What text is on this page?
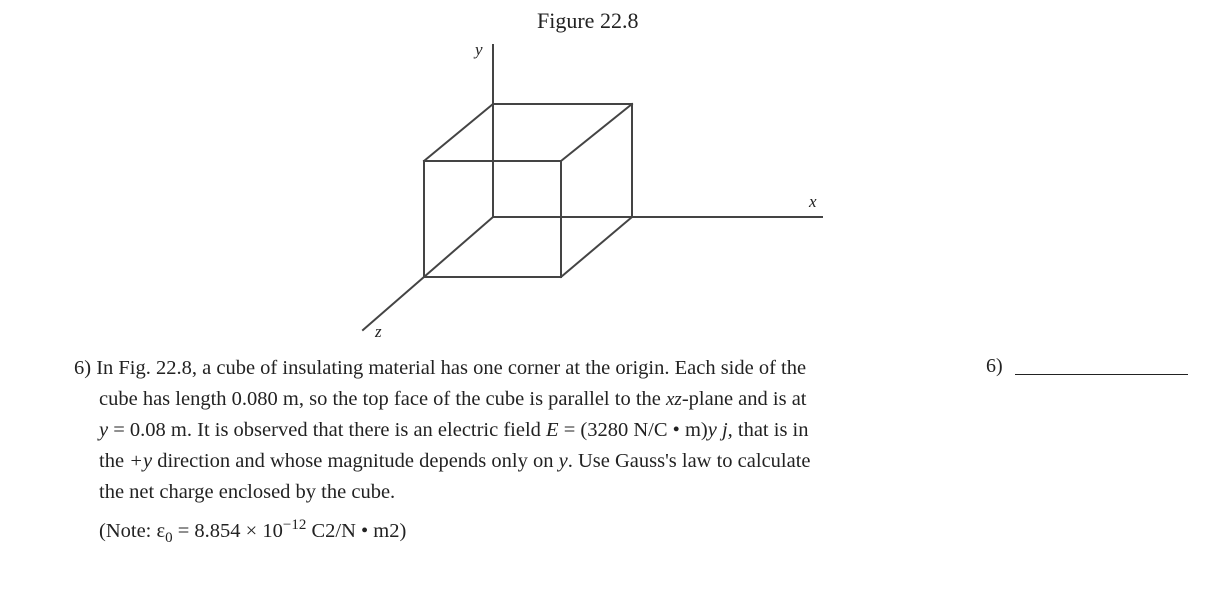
Figure 22.8
y
x
z
6) In Fig. 22.8, a cube of insulating material has one corner at the origin. Each side of the
cube has length 0.080 m, so the top face of the cube is parallel to the xz-plane and is at
y = 0.08 m. It is observed that there is an electric field E = (3280 N/C • m)y j, that is in
the +y direction and whose magnitude depends only on y. Use Gauss's law to calculate
the net charge enclosed by the cube.
(Note: $\varepsilon_0 = 8.854 \times 10^{-12}$ C2/N • m2)
6)
